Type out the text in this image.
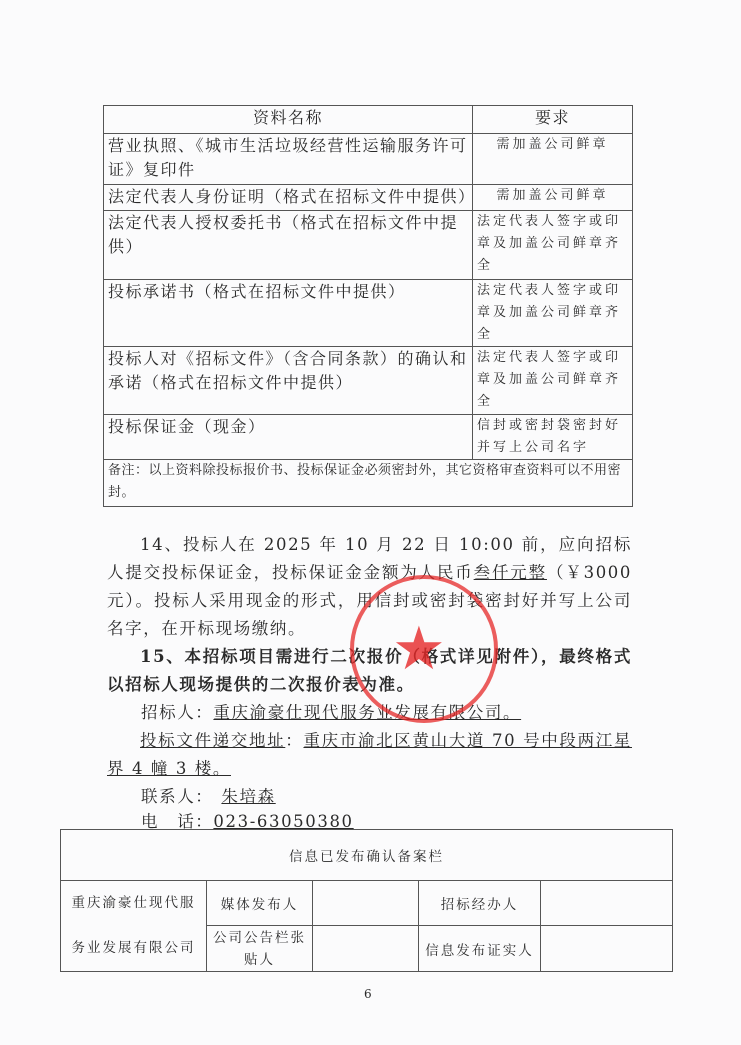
资料名称	要求
营业执照、《城市生活垃圾经营性运输服务许可证》复印件	需加盖公司鲜章
法定代表人身份证明（格式在招标文件中提供）	需加盖公司鲜章
法定代表人授权委托书（格式在招标文件中提供）	法定代表人签字或印章及加盖公司鲜章齐全
投标承诺书（格式在招标文件中提供）	法定代表人签字或印章及加盖公司鲜章齐全
投标人对《招标文件》（含合同条款）的确认和承诺（格式在招标文件中提供）	法定代表人签字或印章及加盖公司鲜章齐全
投标保证金（现金）	信封或密封袋密封好并写上公司名字
备注：以上资料除投标报价书、投标保证金必须密封外，其它资格审查资料可以不用密封。	
14、投标人在 2025 年 10 月 22 日 10:00 前，应向招标人提交投标保证金，投标保证金金额为人民币叁仟元整（￥3000 元）。投标人采用现金的形式，用信封或密封袋密封好并写上公司名字，在开标现场缴纳。
15、本招标项目需进行二次报价（格式详见附件），最终格式以招标人现场提供的二次报价表为准。
招标人：重庆渝豪仕现代服务业发展有限公司。
投标文件递交地址：重庆市渝北区黄山大道 70 号中段两江星界 4 幢 3 楼。
联系人： 朱培森
电　话：023-63050380
★
信息已发布确认备案栏				
重庆渝豪仕现代服务业发展有限公司	媒体发布人		招标经办人	
	公司公告栏张贴人		信息发布证实人	
6
